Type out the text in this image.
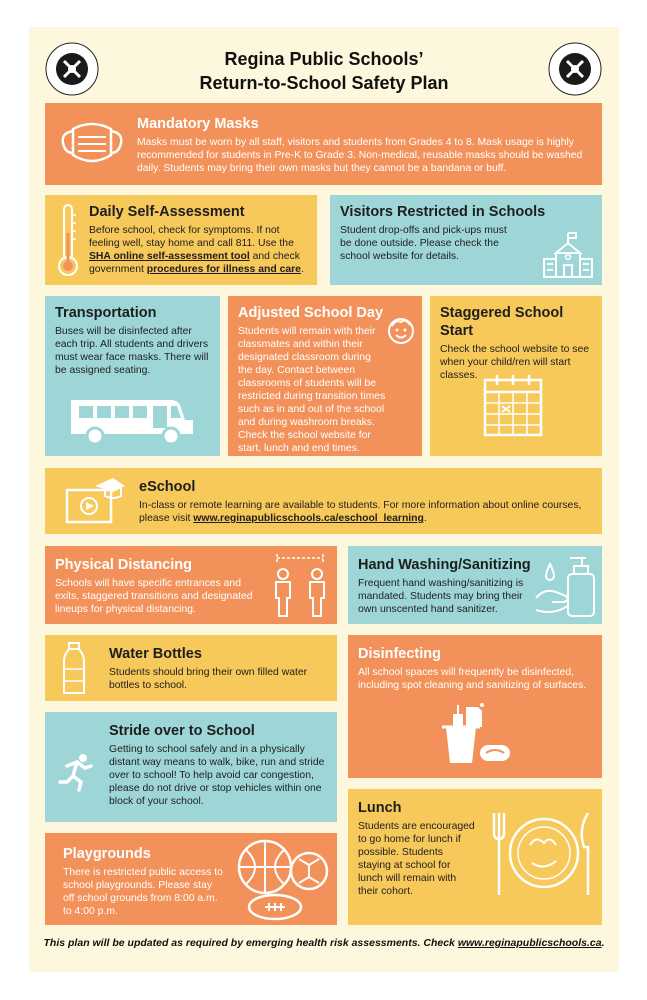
Regina Public Schools’
Return-to-School Safety Plan
Mandatory Masks

Masks must be worn by all staff, visitors and students from Grades 4 to 8. Mask usage is highly recommended for students in Pre-K to Grade 3. Non-medical, reusable masks should be washed daily. Students may bring their own masks but they cannot be a bandana or buff.

Daily Self-Assessment

Before school, check for symptoms. If not feeling well, stay home and call 811. Use the SHA online self-assessment tool and check government procedures for illness and care.

Visitors Restricted in Schools

Student drop-offs and pick-ups must be done outside. Please check the school website for details.

Transportation

Buses will be disinfected after each trip. All students and drivers must wear face masks. There will be assigned seating.

Adjusted School Day

Students will remain with their classmates and within their designated classroom during the day. Contact between classrooms of students will be restricted during transition times such as in and out of the school and during washroom breaks. Check the school website for start, lunch and end times.

Staggered School Start

Check the school website to see when your child/ren will start classes.

eSchool

In-class or remote learning are available to students. For more information about online courses, please visit www.reginapublicschools.ca/eschool_learning.

Physical Distancing

Schools will have specific entrances and exits, staggered transitions and designated lineups for physical distancing.

Hand Washing/Sanitizing

Frequent hand washing/sanitizing is mandated. Students may bring their own unscented hand sanitizer.

Water Bottles

Students should bring their own filled water bottles to school.

Disinfecting

All school spaces will frequently be disinfected, including spot cleaning and sanitizing of surfaces.

Stride over to School

Getting to school safely and in a physically distant way means to walk, bike, run and stride over to school! To help avoid car congestion, please do not drive or stop vehicles within one block of your school.	Lunch

Students are encouraged to go home for lunch if possible. Students staying at school for lunch will remain with their cohort.

Playgrounds

There is restricted public access to school playgrounds. Please stay off school grounds from 8:00 a.m. to 4:00 p.m.

This plan will be updated as required by emerging health risk assessments. Check www.reginapublicschools.ca.
